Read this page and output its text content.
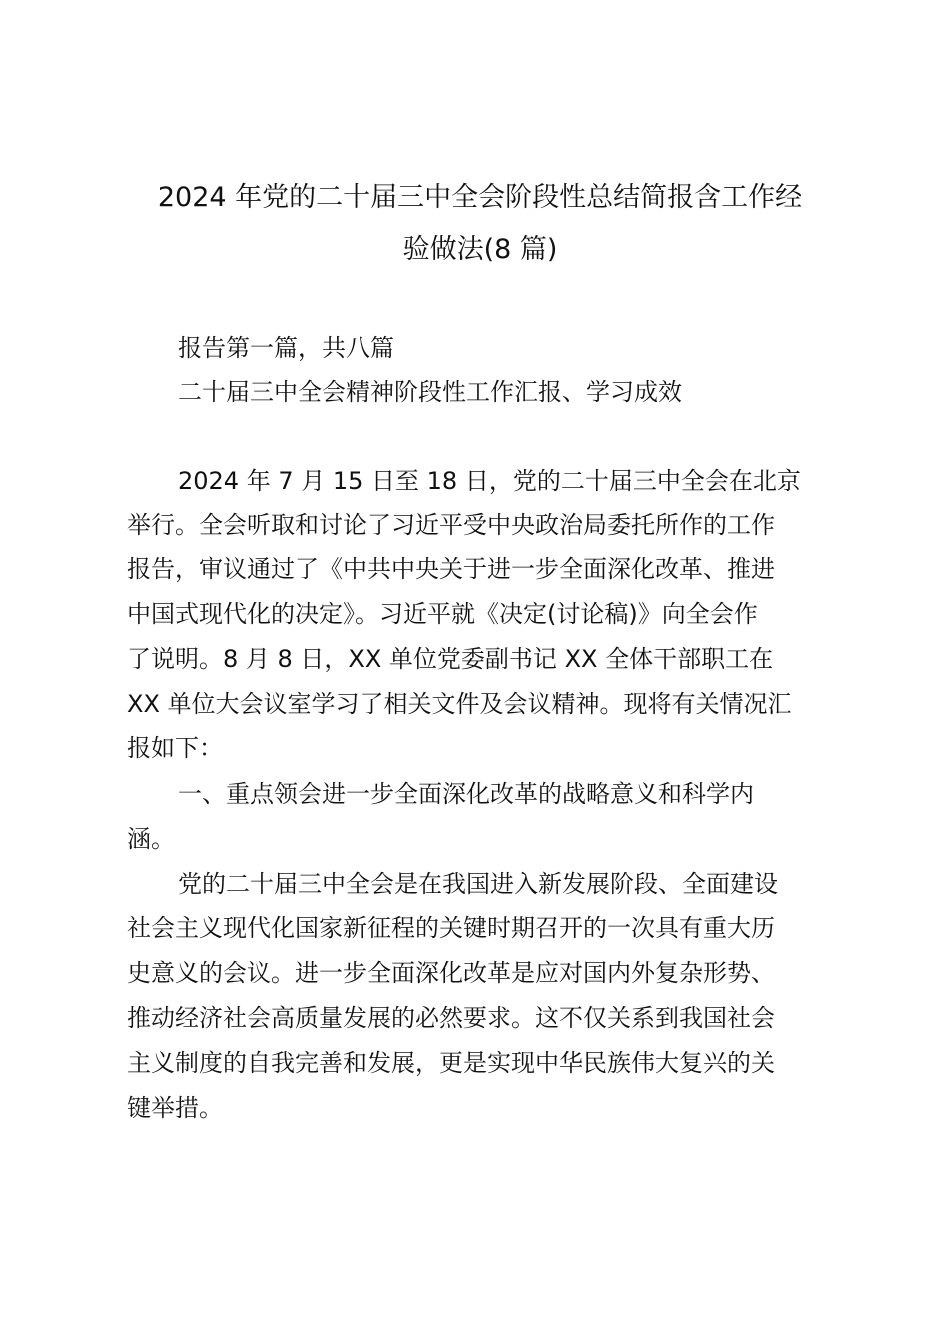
2024 年党的二十届三中全会阶段性总结简报含工作经
验做法(8 篇)
报告第一篇，共八篇
二十届三中全会精神阶段性工作汇报、学习成效
2024 年 7 月 15 日至 18 日，党的二十届三中全会在北京
举行。全会听取和讨论了习近平受中央政治局委托所作的工作
报告，审议通过了《中共中央关于进一步全面深化改革、推进
中国式现代化的决定》。习近平就《决定(讨论稿)》向全会作
了说明。8 月 8 日，XX 单位党委副书记 XX 全体干部职工在
XX 单位大会议室学习了相关文件及会议精神。现将有关情况汇
报如下：
一、重点领会进一步全面深化改革的战略意义和科学内
涵。
党的二十届三中全会是在我国进入新发展阶段、全面建设
社会主义现代化国家新征程的关键时期召开的一次具有重大历
史意义的会议。进一步全面深化改革是应对国内外复杂形势、
推动经济社会高质量发展的必然要求。这不仅关系到我国社会
主义制度的自我完善和发展，更是实现中华民族伟大复兴的关
键举措。
